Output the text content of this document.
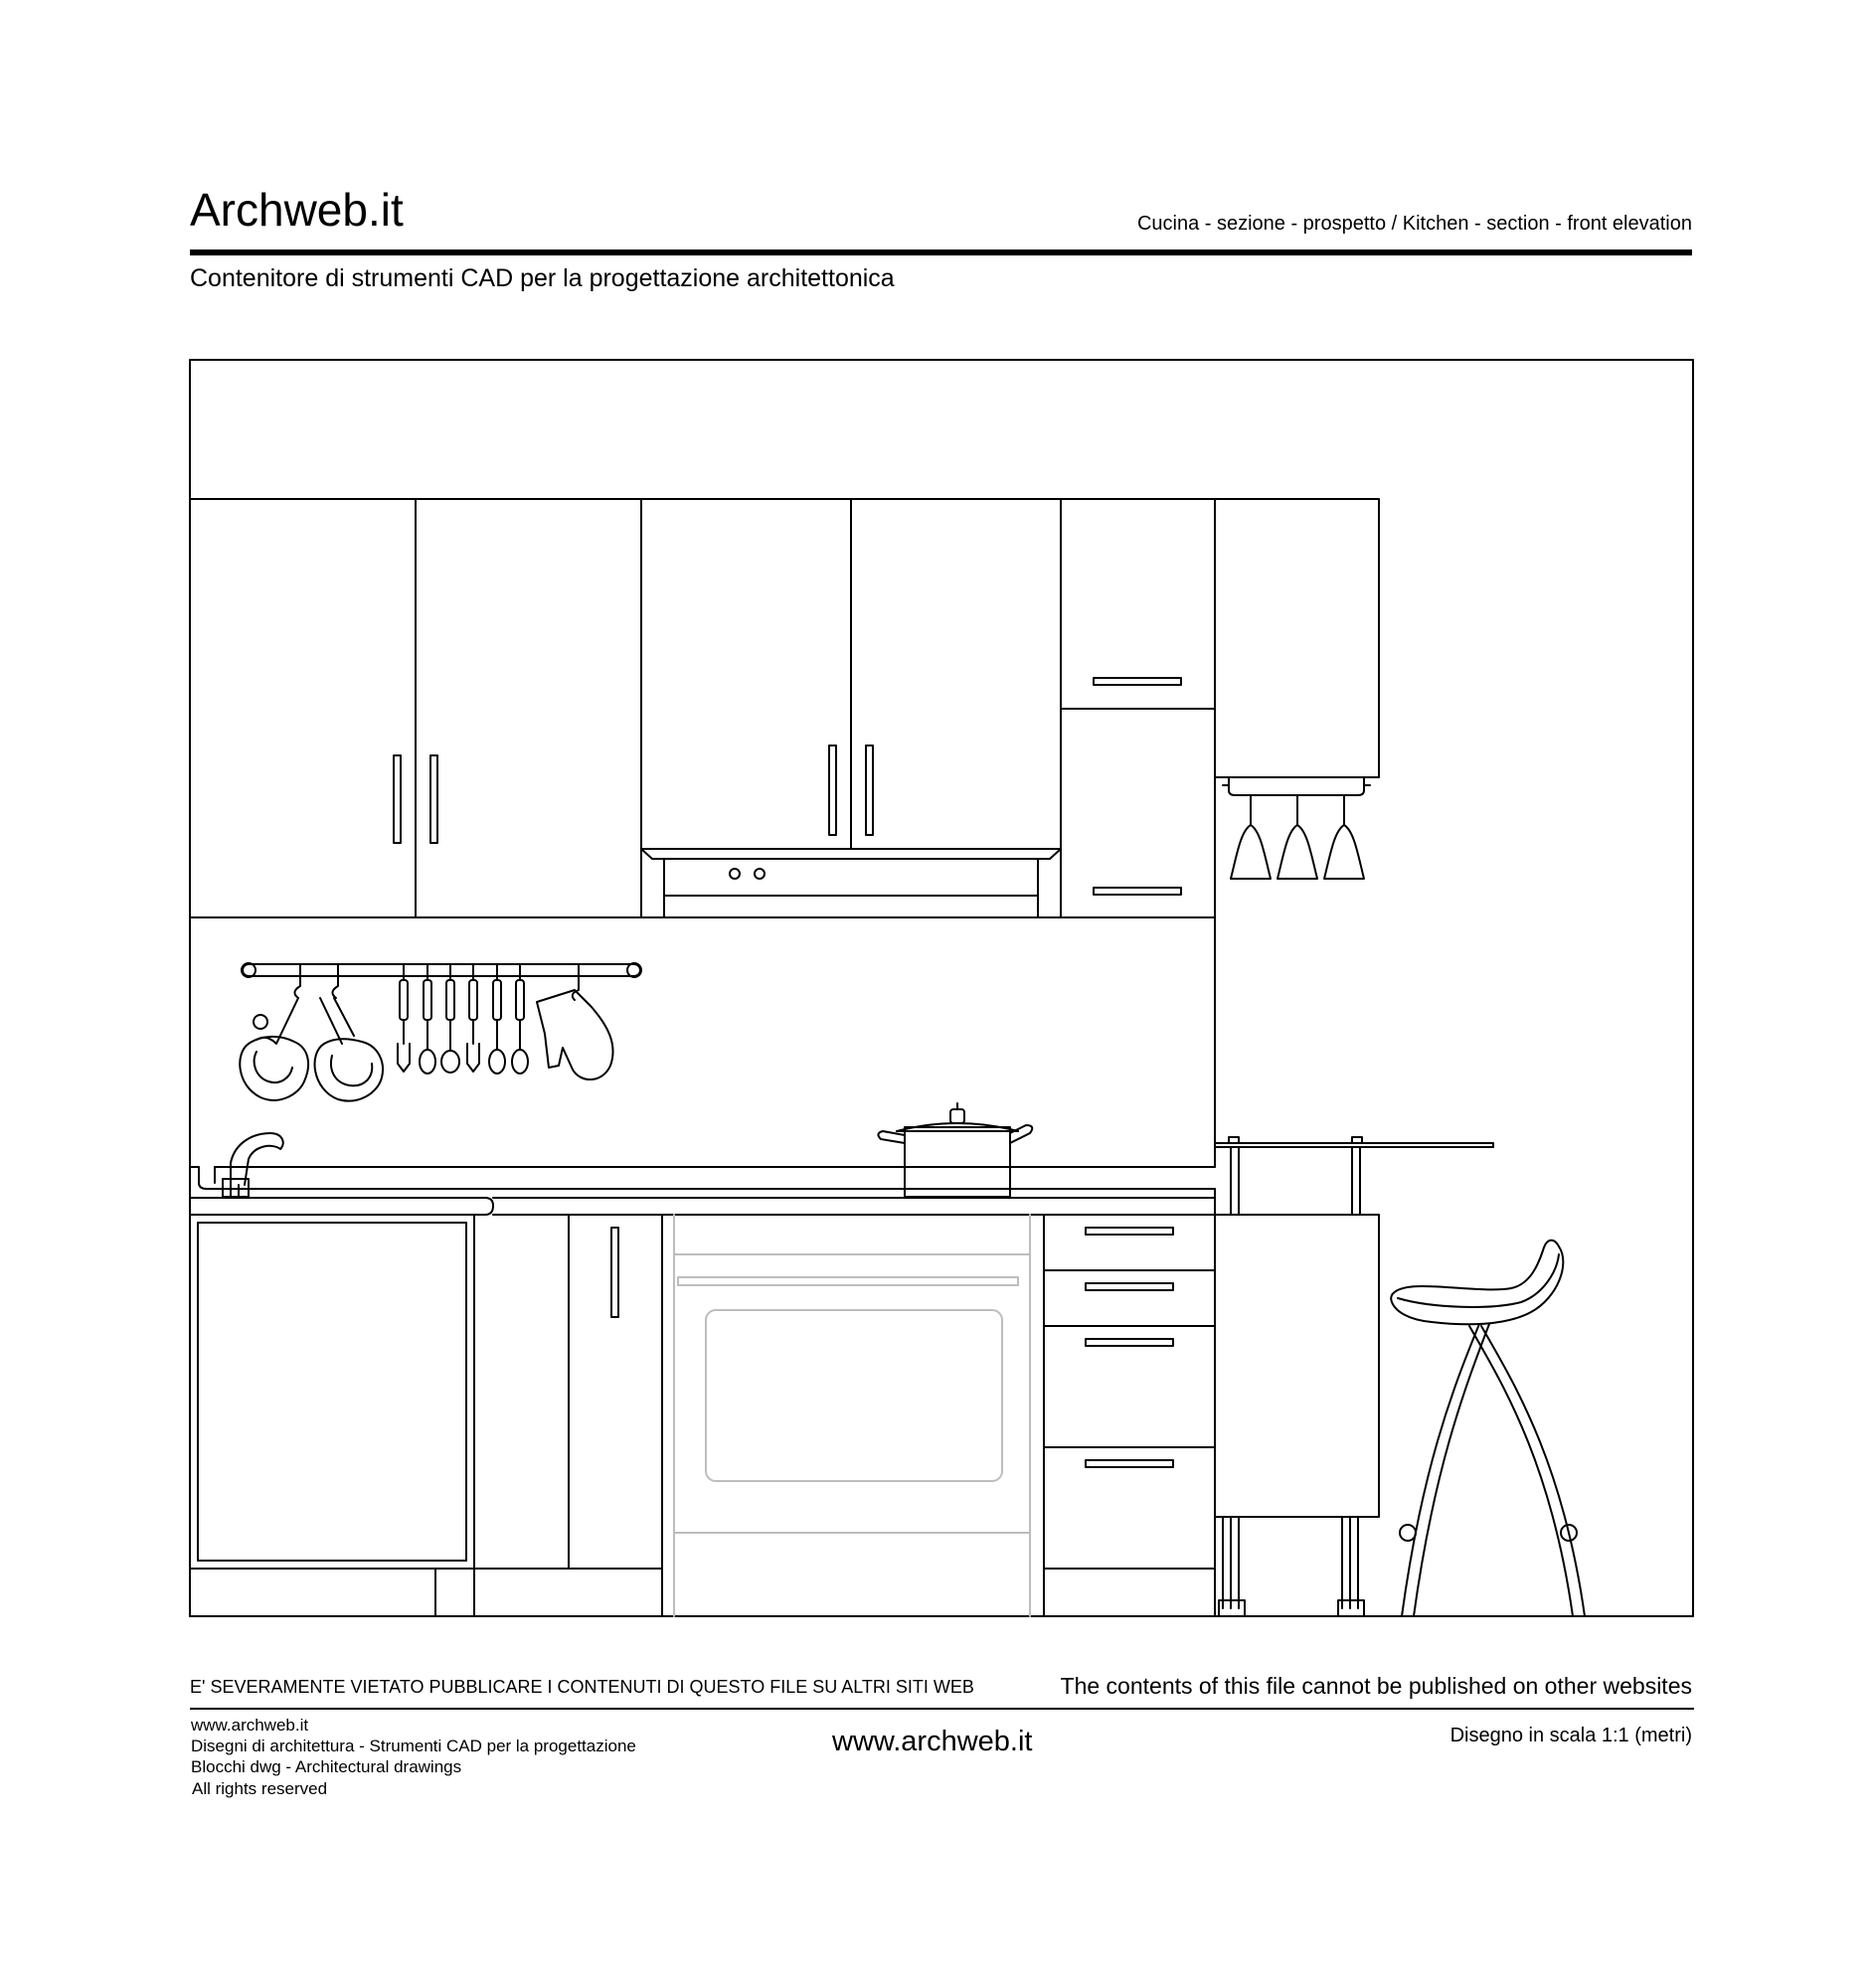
Archweb.it	Cucina - sezione - prospetto / Kitchen - section - front elevation
Contenitore di strumenti CAD per la progettazione architettonica
E' SEVERAMENTE VIETATO PUBBLICARE I CONTENUTI DI QUESTO FILE SU ALTRI SITI WEB	The contents of this file cannot be published on other websites
www.archweb.it
Disegni di architettura - Strumenti CAD per la progettazione
Blocchi dwg - Architectural drawings
All rights reserved
www.archweb.it	Disegno in scala 1:1 (metri)
